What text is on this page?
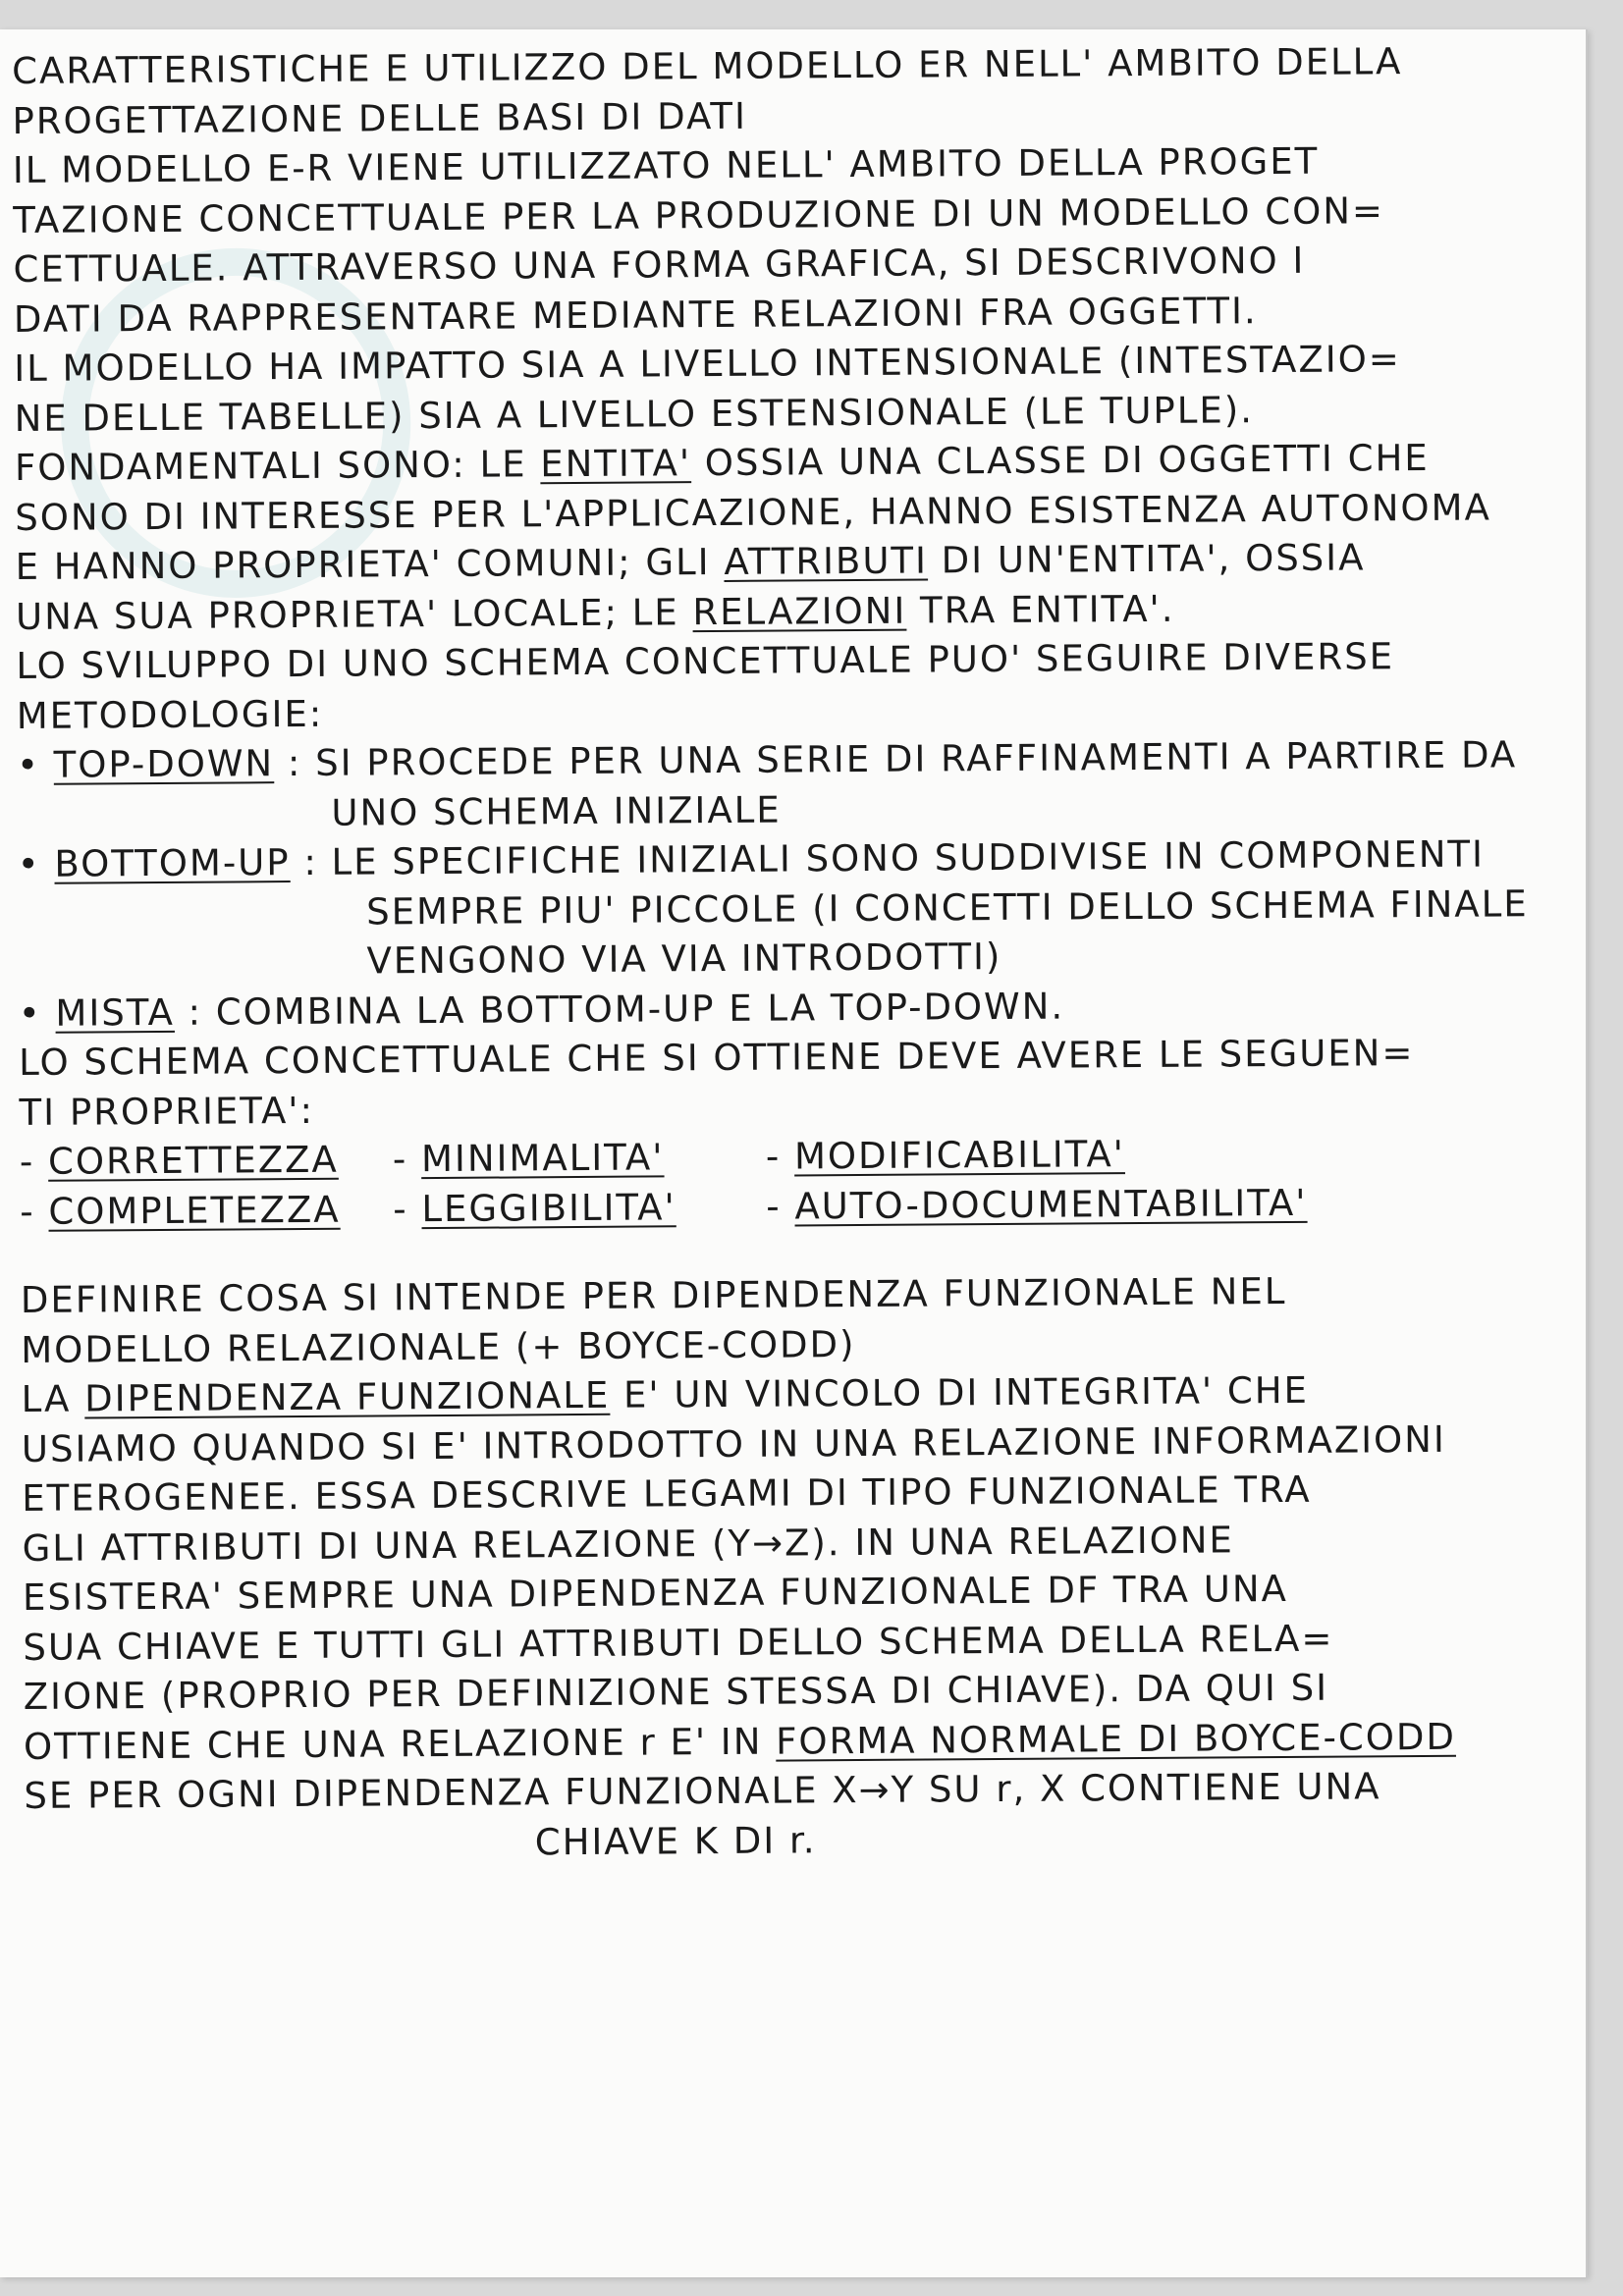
CARATTERISTICHE E UTILIZZO DEL MODELLO ER NELL' AMBITO DELLA
PROGETTAZIONE DELLE BASI DI DATI
IL MODELLO E-R VIENE UTILIZZATO NELL' AMBITO DELLA PROGET
TAZIONE CONCETTUALE PER LA PRODUZIONE DI UN MODELLO CON=
CETTUALE. ATTRAVERSO UNA FORMA GRAFICA, SI DESCRIVONO I
DATI DA RAPPRESENTARE MEDIANTE RELAZIONI FRA OGGETTI.
IL MODELLO HA IMPATTO SIA A LIVELLO INTENSIONALE (INTESTAZIO=
NE DELLE TABELLE) SIA A LIVELLO ESTENSIONALE (LE TUPLE).
FONDAMENTALI SONO: LE ENTITA' OSSIA UNA CLASSE DI OGGETTI CHE
SONO DI INTERESSE PER L'APPLICAZIONE, HANNO ESISTENZA AUTONOMA
E HANNO PROPRIETA' COMUNI; GLI ATTRIBUTI DI UN'ENTITA', OSSIA
UNA SUA PROPRIETA' LOCALE; LE RELAZIONI TRA ENTITA'.
LO SVILUPPO DI UNO SCHEMA CONCETTUALE PUO' SEGUIRE DIVERSE
METODOLOGIE:
• TOP-DOWN : SI PROCEDE PER UNA SERIE DI RAFFINAMENTI A PARTIRE DA
UNO SCHEMA INIZIALE
• BOTTOM-UP : LE SPECIFICHE INIZIALI SONO SUDDIVISE IN COMPONENTI
SEMPRE PIU' PICCOLE (I CONCETTI DELLO SCHEMA FINALE
VENGONO VIA VIA INTRODOTTI)
• MISTA : COMBINA LA BOTTOM-UP E LA TOP-DOWN.
LO SCHEMA CONCETTUALE CHE SI OTTIENE DEVE AVERE LE SEGUEN=
TI PROPRIETA':
- CORRETTEZZA	- MINIMALITA'	- MODIFICABILITA'
- COMPLETEZZA	- LEGGIBILITA'	- AUTO-DOCUMENTABILITA'
DEFINIRE COSA SI INTENDE PER DIPENDENZA FUNZIONALE NEL
MODELLO RELAZIONALE (+ BOYCE-CODD)
LA DIPENDENZA FUNZIONALE E' UN VINCOLO DI INTEGRITA' CHE
USIAMO QUANDO SI E' INTRODOTTO IN UNA RELAZIONE INFORMAZIONI
ETEROGENEE. ESSA DESCRIVE LEGAMI DI TIPO FUNZIONALE TRA
GLI ATTRIBUTI DI UNA RELAZIONE (Y→Z). IN UNA RELAZIONE
ESISTERA' SEMPRE UNA DIPENDENZA FUNZIONALE DF TRA UNA
SUA CHIAVE E TUTTI GLI ATTRIBUTI DELLO SCHEMA DELLA RELA=
ZIONE (PROPRIO PER DEFINIZIONE STESSA DI CHIAVE). DA QUI SI
OTTIENE CHE UNA RELAZIONE r E' IN FORMA NORMALE DI BOYCE-CODD
SE PER OGNI DIPENDENZA FUNZIONALE X→Y SU r, X CONTIENE UNA
CHIAVE K DI r.
